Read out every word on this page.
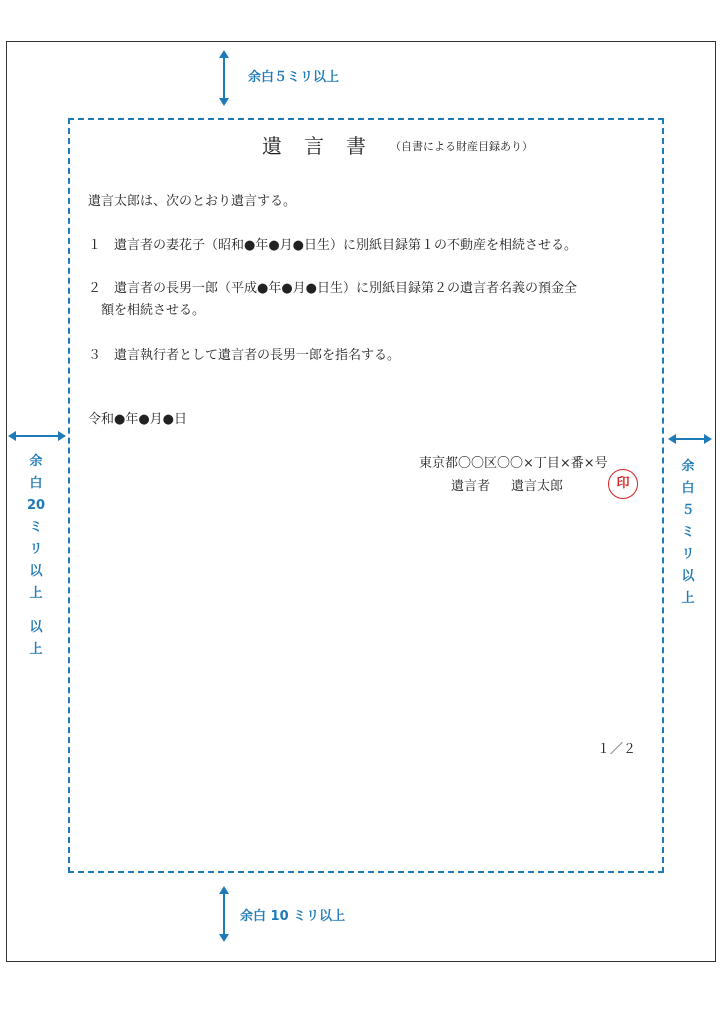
余白５ミリ以上
余白 10 ミリ以上
余白20ミリ以上
以上
余白５ミリ以上
遺言書 （自書による財産目録あり）
遺言太郎は、次のとおり遺言する。
１　遺言者の妻花子（昭和●年●月●日生）に別紙目録第１の不動産を相続させる。
２　遺言者の長男一郎（平成●年●月●日生）に別紙目録第２の遺言者名義の預金全
額を相続させる。
３　遺言執行者として遺言者の長男一郎を指名する。
令和●年●月●日
東京都〇〇区〇〇×丁目×番×号
遺言者 遺言太郎	印
１／２
